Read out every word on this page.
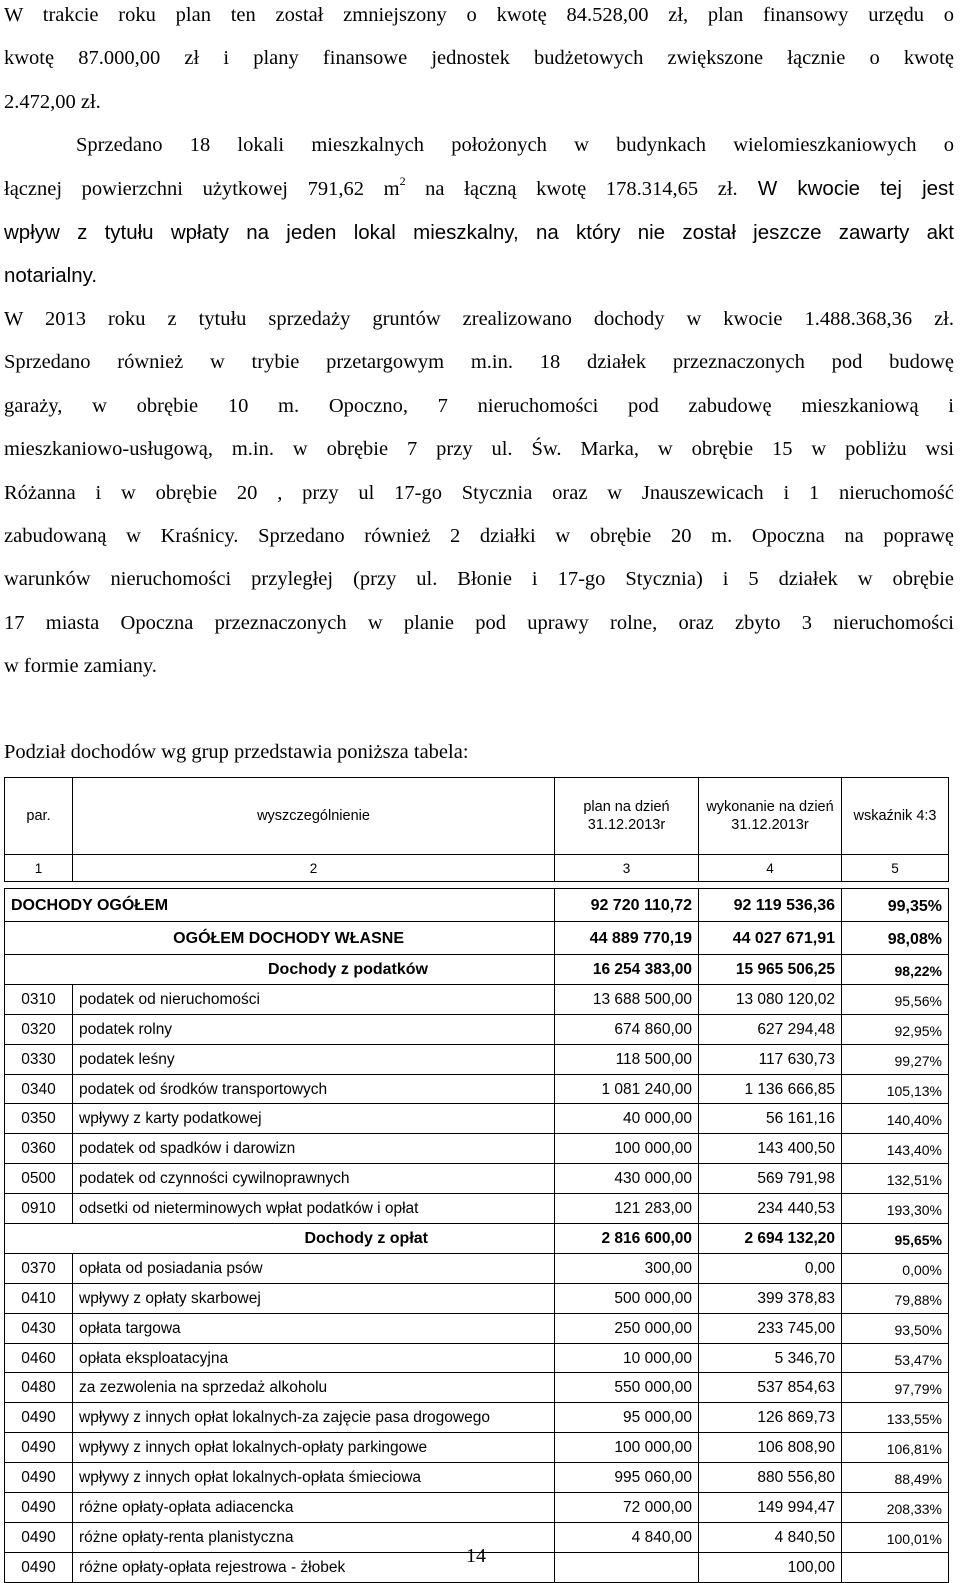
W trakcie roku plan ten został zmniejszony o kwotę 84.528,00 zł, plan finansowy urzędu o
kwotę 87.000,00 zł i plany finansowe jednostek budżetowych zwiększone łącznie o kwotę
2.472,00 zł.
Sprzedano 18 lokali mieszkalnych położonych w budynkach wielomieszkaniowych o
łącznej powierzchni użytkowej 791,62 $m^2$ na łączną kwotę 178.314,65 zł. W kwocie tej jest
wpływ z tytułu wpłaty na jeden lokal mieszkalny, na który nie został jeszcze zawarty akt
notarialny.
W 2013 roku z tytułu sprzedaży gruntów zrealizowano dochody w kwocie 1.488.368,36 zł.
Sprzedano również w trybie przetargowym m.in. 18 działek przeznaczonych pod budowę
garaży, w obrębie 10 m. Opoczno, 7 nieruchomości pod zabudowę mieszkaniową i
mieszkaniowo-usługową, m.in. w obrębie 7 przy ul. Św. Marka, w obrębie 15 w pobliżu wsi
Różanna i w obrębie 20 , przy ul 17-go Stycznia oraz w Jnauszewicach i 1 nieruchomość
zabudowaną w Kraśnicy. Sprzedano również 2 działki w obrębie 20 m. Opoczna na poprawę
warunków nieruchomości przyległej (przy ul. Błonie i 17-go Stycznia) i 5 działek w obrębie
17 miasta Opoczna przeznaczonych w planie pod uprawy rolne, oraz zbyto 3 nieruchomości
w formie zamiany.
Podział dochodów wg grup przedstawia poniższa tabela:
par.	wyszczególnienie	plan na dzień 31.12.2013r	wykonanie na dzień 31.12.2013r	wskaźnik 4:3
1	2	3	4	5

DOCHODY OGÓŁEM		92 720 110,72	92 119 536,36	99,35%
OGÓŁEM DOCHODY WŁASNE		44 889 770,19	44 027 671,91	98,08%
Dochody z podatków		16 254 383,00	15 965 506,25	98,22%
0310	podatek od nieruchomości	13 688 500,00	13 080 120,02	95,56%
0320	podatek rolny	674 860,00	627 294,48	92,95%
0330	podatek leśny	118 500,00	117 630,73	99,27%
0340	podatek od środków transportowych	1 081 240,00	1 136 666,85	105,13%
0350	wpływy z karty podatkowej	40 000,00	56 161,16	140,40%
0360	podatek od spadków i darowizn	100 000,00	143 400,50	143,40%
0500	podatek od czynności cywilnoprawnych	430 000,00	569 791,98	132,51%
0910	odsetki od nieterminowych wpłat podatków i opłat	121 283,00	234 440,53	193,30%
Dochody z opłat		2 816 600,00	2 694 132,20	95,65%
0370	opłata od posiadania psów	300,00	0,00	0,00%
0410	wpływy z opłaty skarbowej	500 000,00	399 378,83	79,88%
0430	opłata targowa	250 000,00	233 745,00	93,50%
0460	opłata eksploatacyjna	10 000,00	5 346,70	53,47%
0480	za zezwolenia na sprzedaż alkoholu	550 000,00	537 854,63	97,79%
0490	wpływy z innych opłat lokalnych-za zajęcie pasa drogowego	95 000,00	126 869,73	133,55%
0490	wpływy z innych opłat lokalnych-opłaty parkingowe	100 000,00	106 808,90	106,81%
0490	wpływy z innych opłat lokalnych-opłata śmieciowa	995 060,00	880 556,80	88,49%
0490	różne opłaty-opłata adiacencka	72 000,00	149 994,47	208,33%
0490	różne opłaty-renta planistyczna	4 840,00	4 840,50	100,01%
0490	różne opłaty-opłata rejestrowa - żłobek		100,00	
14
